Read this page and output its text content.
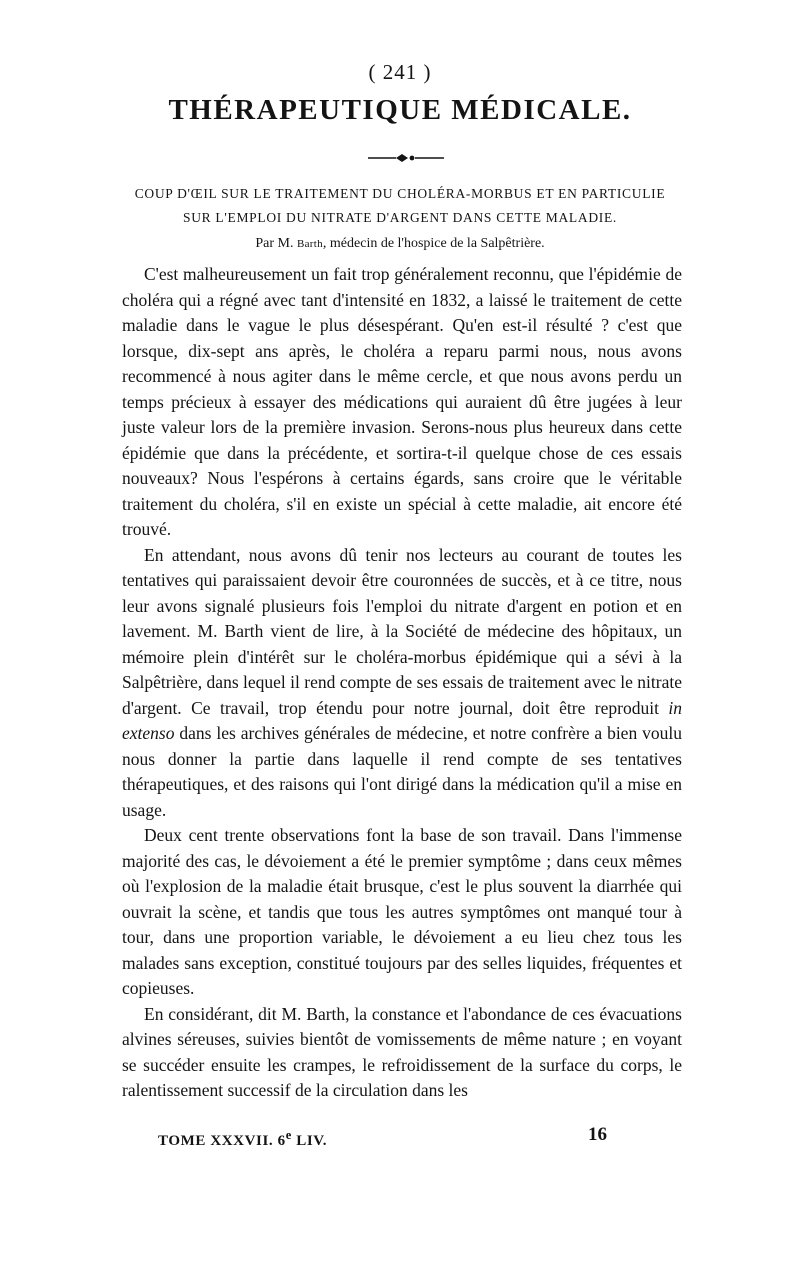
( 241 )
THÉRAPEUTIQUE MÉDICALE.
COUP D'ŒIL SUR LE TRAITEMENT DU CHOLÉRA-MORBUS ET EN PARTICULIE
SUR L'EMPLOI DU NITRATE D'ARGENT DANS CETTE MALADIE.
Par M. Barth, médecin de l'hospice de la Salpêtrière.

C'est malheureusement un fait trop généralement reconnu, que l'épidémie de choléra qui a régné avec tant d'intensité en 1832, a laissé le traitement de cette maladie dans le vague le plus désespérant. Qu'en est-il résulté ? c'est que lorsque, dix-sept ans après, le choléra a reparu parmi nous, nous avons recommencé à nous agiter dans le même cercle, et que nous avons perdu un temps précieux à essayer des médications qui auraient dû être jugées à leur juste valeur lors de la première invasion. Serons-nous plus heureux dans cette épidémie que dans la précédente, et sortira-t-il quelque chose de ces essais nouveaux? Nous l'espérons à certains égards, sans croire que le véritable traitement du choléra, s'il en existe un spécial à cette maladie, ait encore été trouvé.

En attendant, nous avons dû tenir nos lecteurs au courant de toutes les tentatives qui paraissaient devoir être couronnées de succès, et à ce titre, nous leur avons signalé plusieurs fois l'emploi du nitrate d'argent en potion et en lavement. M. Barth vient de lire, à la Société de médecine des hôpitaux, un mémoire plein d'intérêt sur le choléra-morbus épidémique qui a sévi à la Salpêtrière, dans lequel il rend compte de ses essais de traitement avec le nitrate d'argent. Ce travail, trop étendu pour notre journal, doit être reproduit in extenso dans les archives générales de médecine, et notre confrère a bien voulu nous donner la partie dans laquelle il rend compte de ses tentatives thérapeutiques, et des raisons qui l'ont dirigé dans la médication qu'il a mise en usage.

Deux cent trente observations font la base de son travail. Dans l'immense majorité des cas, le dévoiement a été le premier symptôme ; dans ceux mêmes où l'explosion de la maladie était brusque, c'est le plus souvent la diarrhée qui ouvrait la scène, et tandis que tous les autres symptômes ont manqué tour à tour, dans une proportion variable, le dévoiement a eu lieu chez tous les malades sans exception, constitué toujours par des selles liquides, fréquentes et copieuses.

En considérant, dit M. Barth, la constance et l'abondance de ces évacuations alvines séreuses, suivies bientôt de vomissements de même nature ; en voyant se succéder ensuite les crampes, le refroidissement de la surface du corps, le ralentissement successif de la circulation dans les

TOME XXXVII. 6e LIV.	16
